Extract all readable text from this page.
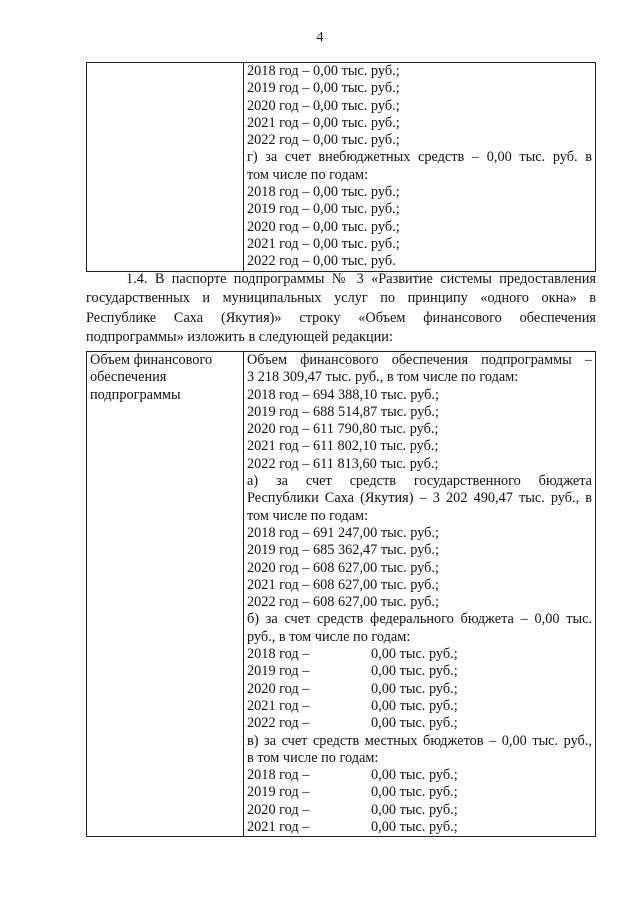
4

2018 год – 0,00 тыс. руб.;
2019 год – 0,00 тыс. руб.;
2020 год – 0,00 тыс. руб.;
2021 год – 0,00 тыс. руб.;
2022 год – 0,00 тыс. руб.;
г) за счет внебюджетных средств – 0,00 тыс. руб. в
том числе по годам:
2018 год – 0,00 тыс. руб.;
2019 год – 0,00 тыс. руб.;
2020 год – 0,00 тыс. руб.;
2021 год – 0,00 тыс. руб.;
2022 год – 0,00 тыс. руб.
1.4. В паспорте подпрограммы № 3 «Развитие системы предоставления
государственных и муниципальных услуг по принципу «одного окна» в
Республике Саха (Якутия)» строку «Объем финансового обеспечения
подпрограммы» изложить в следующей редакции:
Объем финансового
обеспечения
подпрограммы

Объем финансового обеспечения подпрограммы –
3 218 309,47 тыс. руб., в том числе по годам:
2018 год – 694 388,10 тыс. руб.;
2019 год – 688 514,87 тыс. руб.;
2020 год – 611 790,80 тыс. руб.;
2021 год – 611 802,10 тыс. руб.;
2022 год – 611 813,60 тыс. руб.;
а) за счет средств государственного бюджета
Республики Саха (Якутия) – 3 202 490,47 тыс. руб., в
том числе по годам:
2018 год – 691 247,00 тыс. руб.;
2019 год – 685 362,47 тыс. руб.;
2020 год – 608 627,00 тыс. руб.;
2021 год – 608 627,00 тыс. руб.;
2022 год – 608 627,00 тыс. руб.;
б) за счет средств федерального бюджета – 0,00 тыс.
руб., в том числе по годам:
2018 год –	0,00 тыс. руб.;
2019 год –	0,00 тыс. руб.;
2020 год –	0,00 тыс. руб.;
2021 год –	0,00 тыс. руб.;
2022 год –	0,00 тыс. руб.;
в) за счет средств местных бюджетов – 0,00 тыс. руб.,
в том числе по годам:
2018 год –	0,00 тыс. руб.;
2019 год –	0,00 тыс. руб.;
2020 год –	0,00 тыс. руб.;
2021 год –	0,00 тыс. руб.;
